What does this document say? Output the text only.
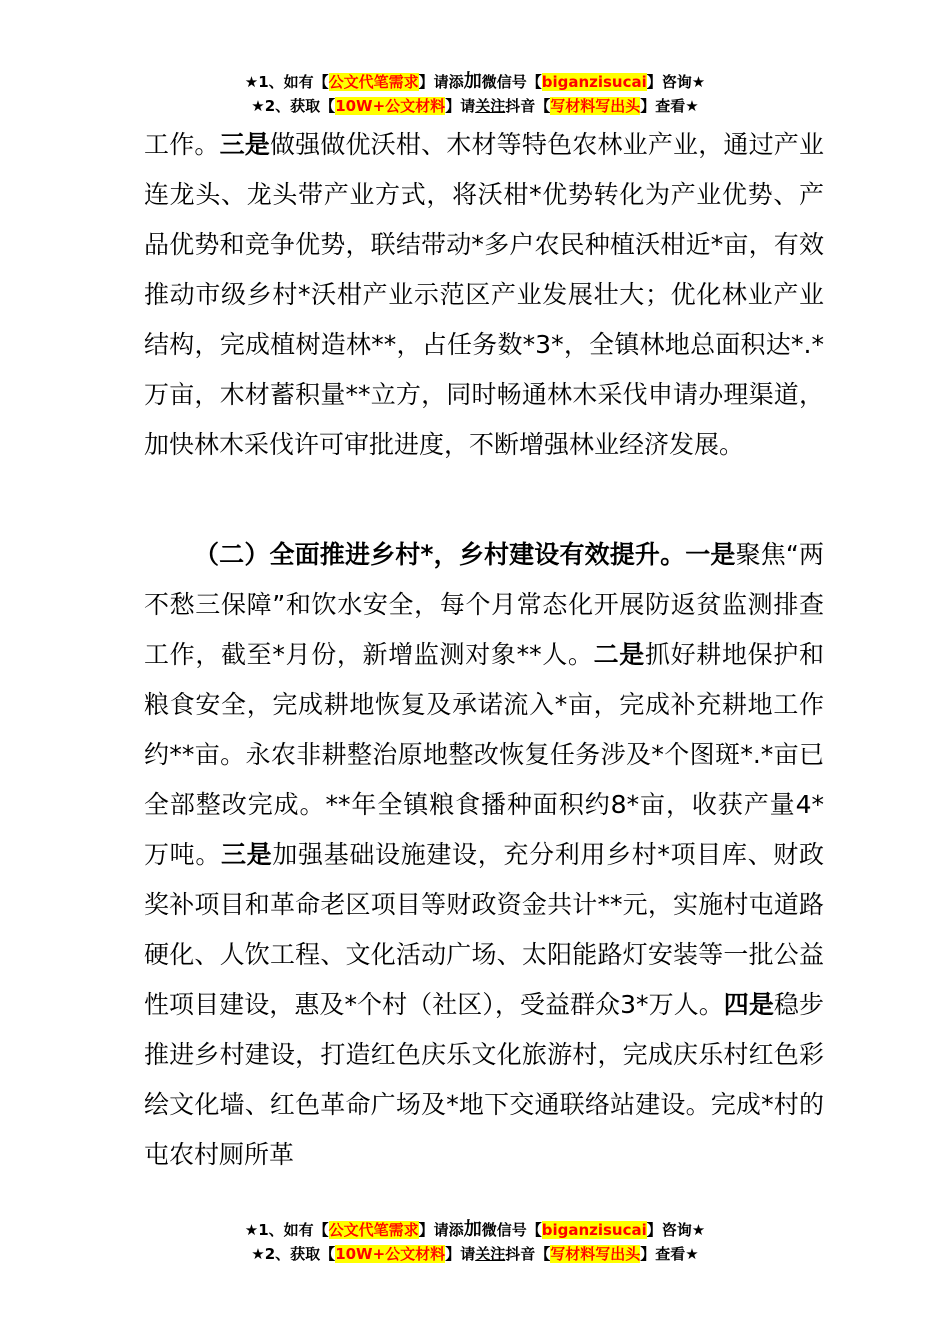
★1、如有【公文代笔需求】请添加微信号【biganzisucai】咨询★
★2、获取【10W+公文材料】请关注抖音【写材料写出头】查看★

工作。三是做强做优沃柑、木材等特色农林业产业，通过产业连龙头、龙头带产业方式，将沃柑*优势转化为产业优势、产品优势和竞争优势，联结带动*多户农民种植沃柑近*亩，有效推动市级乡村*沃柑产业示范区产业发展壮大；优化林业产业结构，完成植树造林**，占任务数*3*，全镇林地总面积达*.*万亩，木材蓄积量**立方，同时畅通林木采伐申请办理渠道，加快林木采伐许可审批进度，不断增强林业经济发展。

（二）全面推进乡村*，乡村建设有效提升。一是聚焦“两不愁三保障”和饮水安全，每个月常态化开展防返贫监测排查工作，截至*月份，新增监测对象**人。二是抓好耕地保护和粮食安全，完成耕地恢复及承诺流入*亩，完成补充耕地工作约**亩。永农非耕整治原地整改恢复任务涉及*个图斑*.*亩已全部整改完成。**年全镇粮食播种面积约8*亩，收获产量4*万吨。三是加强基础设施建设，充分利用乡村*项目库、财政奖补项目和革命老区项目等财政资金共计**元，实施村屯道路硬化、人饮工程、文化活动广场、太阳能路灯安装等一批公益性项目建设，惠及*个村（社区），受益群众3*万人。四是稳步推进乡村建设，打造红色庆乐文化旅游村，完成庆乐村红色彩绘文化墙、红色革命广场及*地下交通联络站建设。完成*村的屯农村厕所革

★1、如有【公文代笔需求】请添加微信号【biganzisucai】咨询★
★2、获取【10W+公文材料】请关注抖音【写材料写出头】查看★
